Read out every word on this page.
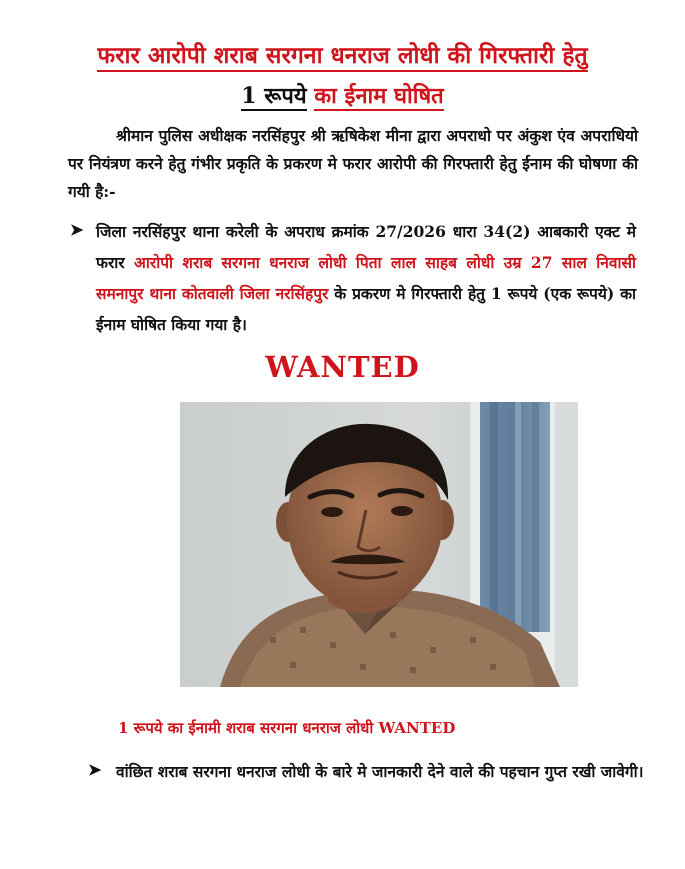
फरार आरोपी शराब सरगना धनराज लोधी की गिरफ्तारी हेतु
1 रूपये का ईनाम घोषित
श्रीमान पुलिस अधीक्षक नरसिंहपुर श्री ऋषिकेश मीना द्वारा अपराधो पर अंकुश एंव अपराधियो पर नियंत्रण करने हेतु गंभीर प्रकृति के प्रकरण मे फरार आरोपी की गिरफ्तारी हेतु ईनाम की घोषणा की गयी है:-
➤ जिला नरसिंहपुर थाना करेली के अपराध क्रमांक 27/2026 धारा 34(2) आबकारी एक्ट मे फरार आरोपी शराब सरगना धनराज लोधी पिता लाल साहब लोधी उम्र 27 साल निवासी समनापुर थाना कोतवाली जिला नरसिंहपुर के प्रकरण मे गिरफ्तारी हेतु 1 रूपये (एक रूपये) का ईनाम घोषित किया गया है।
WANTED
1 रूपये का ईनामी शराब सरगना धनराज लोधी WANTED
➤ वांछित शराब सरगना धनराज लोधी के बारे मे जानकारी देने वाले की पहचान गुप्त रखी जावेगी।
